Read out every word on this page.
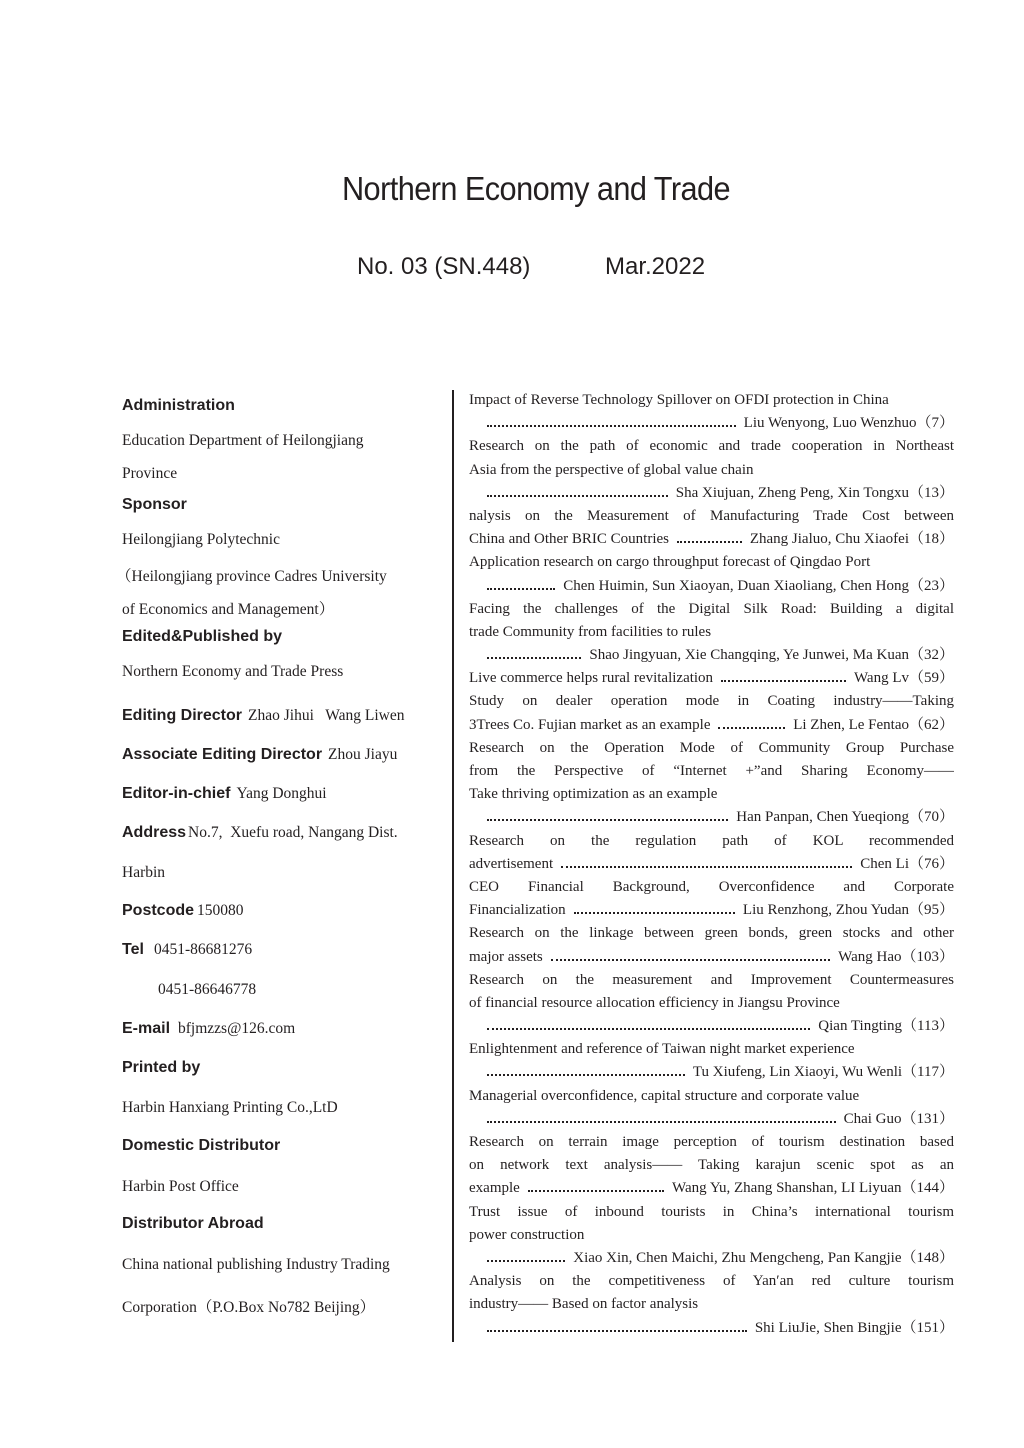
Northern Economy and Trade
No. 03 (SN.448)	Mar.2022
Administration
Education Department of Heilongjiang
Province
Sponsor
Heilongjiang Polytechnic
（Heilongjiang province Cadres University
of Economics and Management）
Edited&Published by
Northern Economy and Trade Press
Editing Director Zhao Jihui   Wang Liwen
Associate Editing Director Zhou Jiayu
Editor-in-chief Yang Donghui
Address No.7,  Xuefu road, Nangang Dist.
Harbin
Postcode 150080
Tel 0451-86681276
0451-86646778
E-mail bfjmzzs@126.com
Printed by
Harbin Hanxiang Printing Co.,LtD
Domestic Distributor
Harbin Post Office
Distributor Abroad
China national publishing Industry Trading
Corporation（P.O.Box No782 Beijing）
Impact of Reverse Technology Spillover on OFDI protection in China
Liu Wenyong, Luo Wenzhuo（7）
Research on the path of economic and trade cooperation in Northeast
Asia from the perspective of global value chain
Sha Xiujuan, Zheng Peng, Xin Tongxu（13）
nalysis on the Measurement of Manufacturing Trade Cost between
China and Other BRIC Countries	Zhang Jialuo, Chu Xiaofei（18）
Application research on cargo throughput forecast of Qingdao Port
Chen Huimin, Sun Xiaoyan, Duan Xiaoliang, Chen Hong（23）
Facing the challenges of the Digital Silk Road: Building a digital
trade Community from facilities to rules
Shao Jingyuan, Xie Changqing, Ye Junwei, Ma Kuan（32）
Live commerce helps rural revitalization	Wang Lv（59）
Study on dealer operation mode in Coating industry——Taking
3Trees Co. Fujian market as an example	Li Zhen, Le Fentao（62）
Research on the Operation Mode of Community Group Purchase
from the Perspective of “Internet +”and Sharing Economy——
Take thriving optimization as an example
Han Panpan, Chen Yueqiong（70）
Research on the regulation path of KOL recommended
advertisement	Chen Li（76）
CEO Financial Background, Overconfidence and Corporate
Financialization	Liu Renzhong, Zhou Yudan（95）
Research on the linkage between green bonds, green stocks and other
major assets	Wang Hao（103）
Research on the measurement and Improvement Countermeasures
of financial resource allocation efficiency in Jiangsu Province
Qian Tingting（113）
Enlightenment and reference of Taiwan night market experience
Tu Xiufeng, Lin Xiaoyi, Wu Wenli（117）
Managerial overconfidence, capital structure and corporate value
Chai Guo（131）
Research on terrain image perception of tourism destination based
on network text analysis—— Taking karajun scenic spot as an
example	Wang Yu, Zhang Shanshan, LI Liyuan（144）
Trust issue of inbound tourists in China’s international tourism
power construction
Xiao Xin, Chen Maichi, Zhu Mengcheng, Pan Kangjie（148）
Analysis on the competitiveness of Yan′an red culture tourism
industry—— Based on factor analysis
Shi LiuJie, Shen Bingjie（151）
